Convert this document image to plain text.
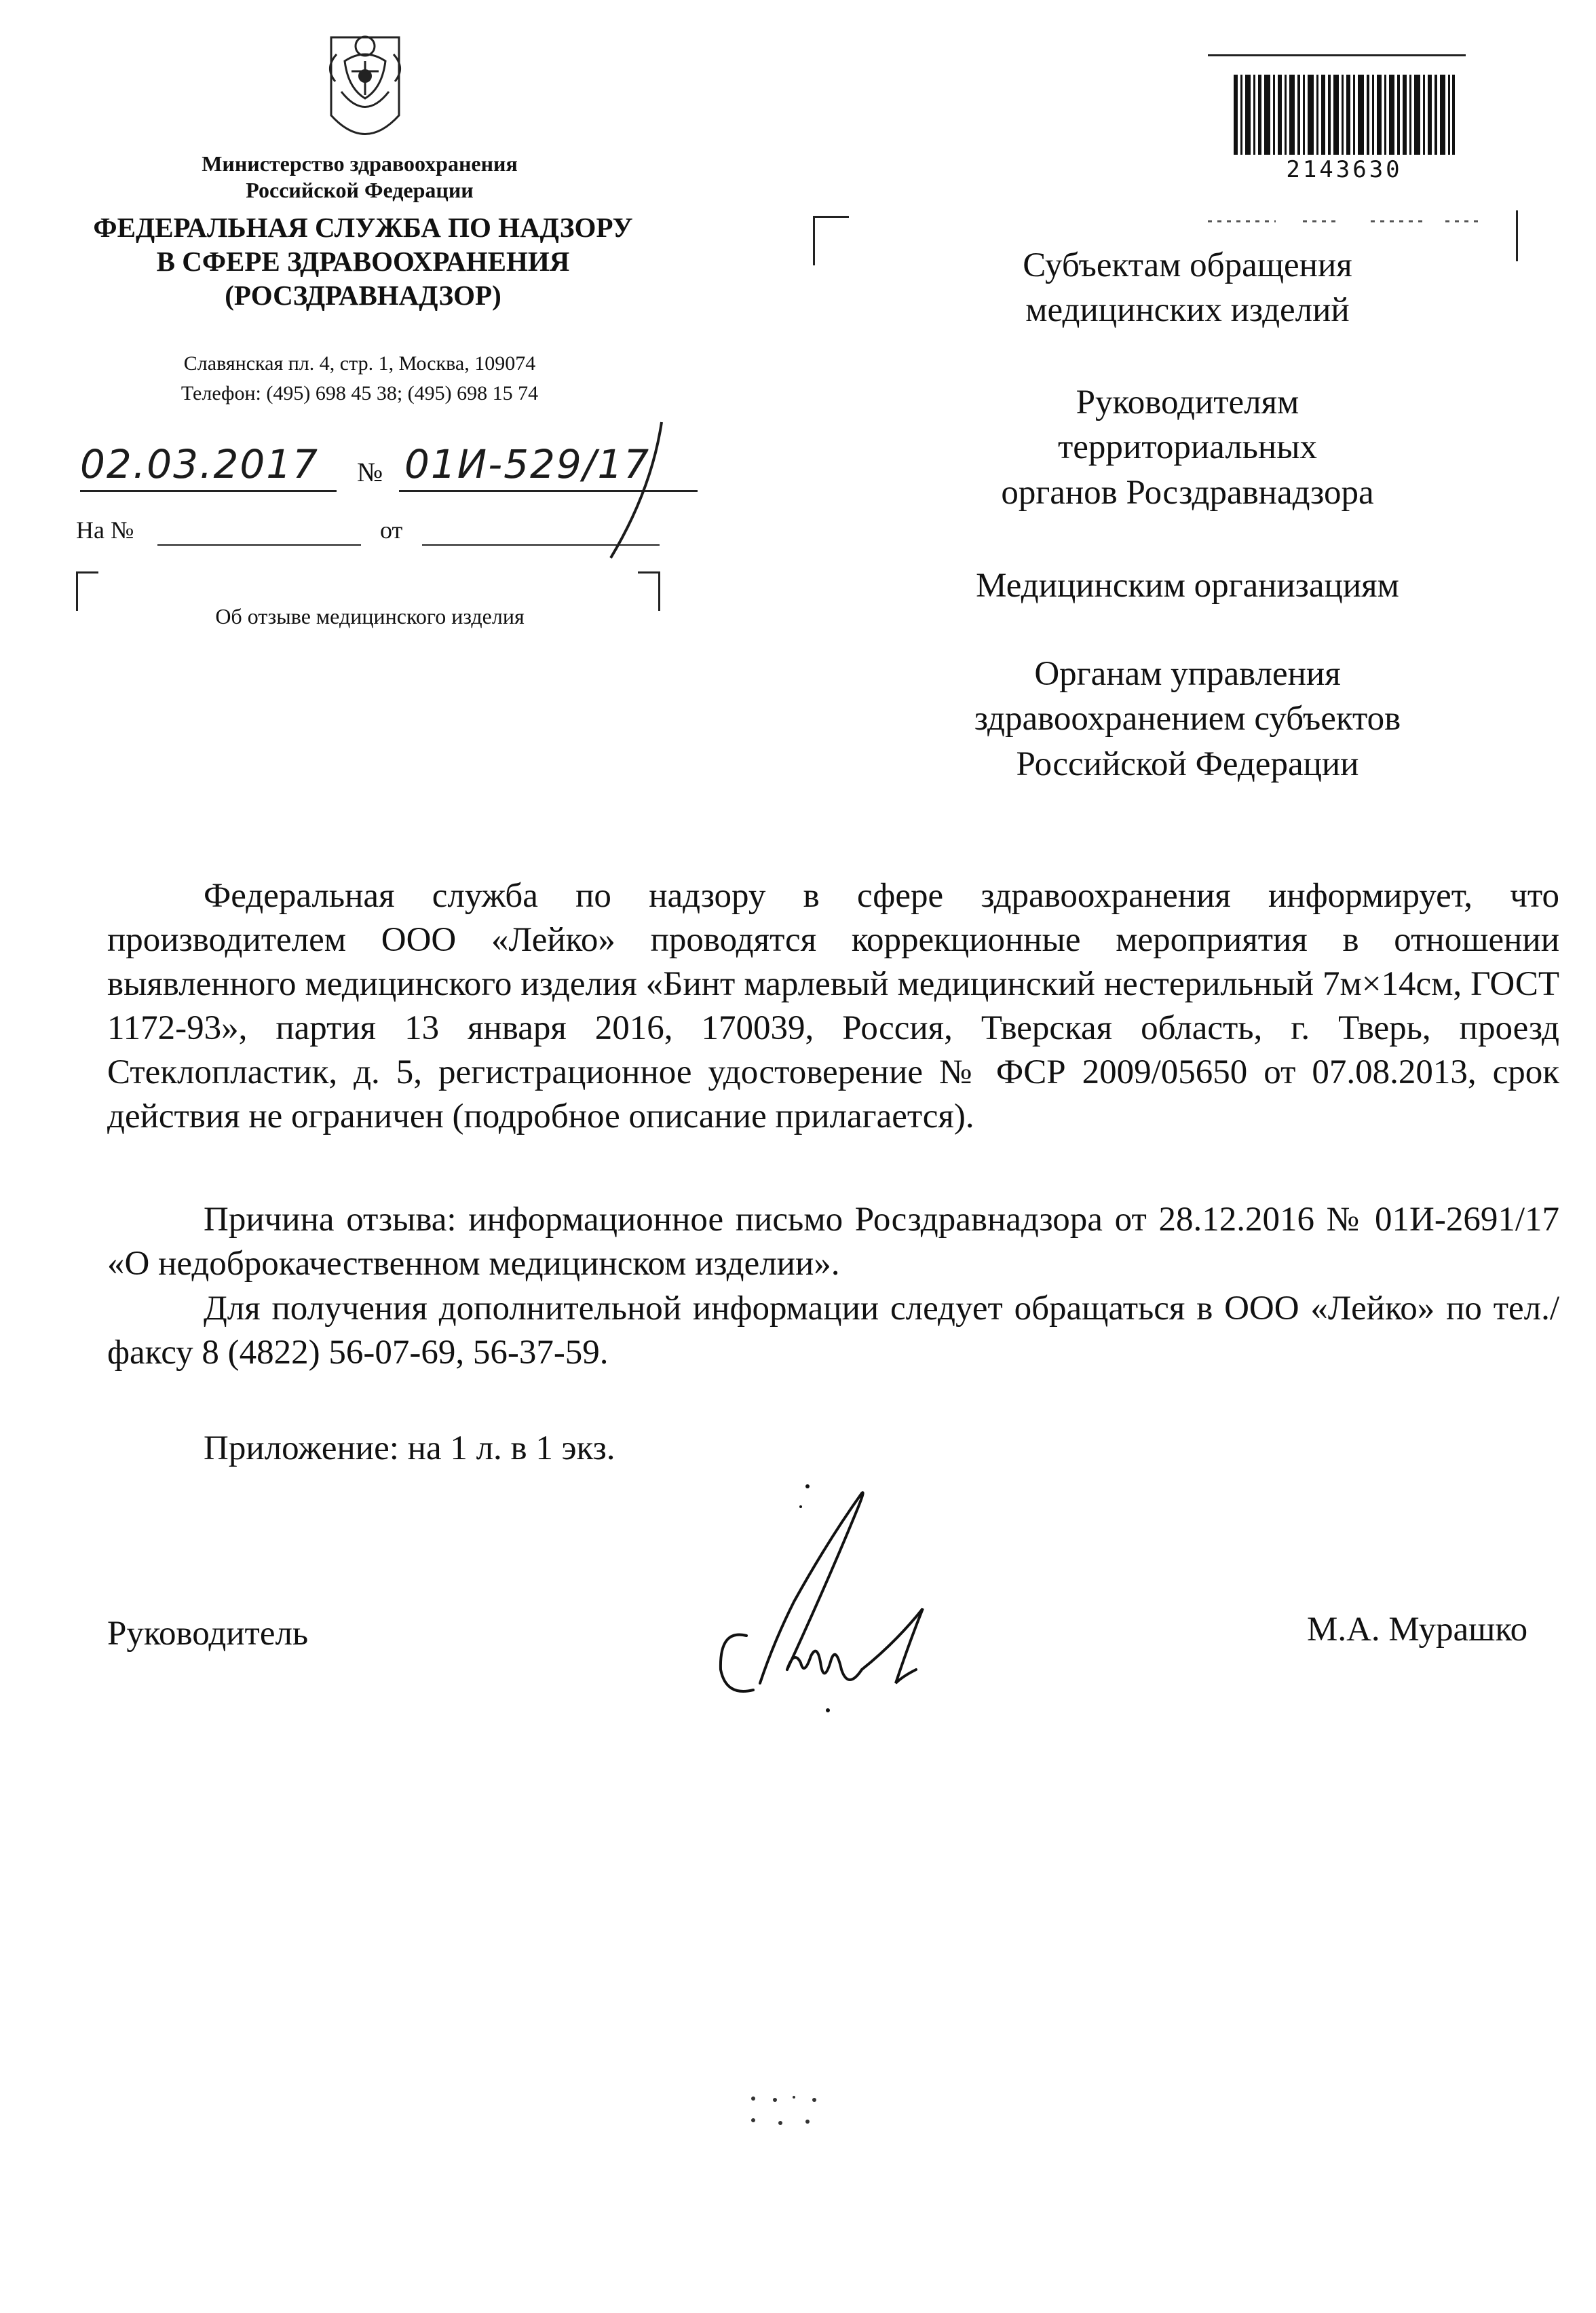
Министерство здравоохранения
Российской Федерации
ФЕДЕРАЛЬНАЯ СЛУЖБА ПО НАДЗОРУ
В СФЕРЕ ЗДРАВООХРАНЕНИЯ
(РОСЗДРАВНАДЗОР)
Славянская пл. 4, стр. 1, Москва, 109074
Телефон: (495) 698 45 38; (495) 698 15 74
02.03.2017 № 01И-529/17
На №	от
Об отзыве медицинского изделия
2143630
Субъектам обращения
медицинских изделий
Руководителям
территориальных
органов Росздравнадзора
Медицинским организациям
Органам управления
здравоохранением субъектов
Российской Федерации

Федеральная служба по надзору в сфере здравоохранения информирует, что производителем ООО «Лейко» проводятся коррекционные мероприятия в отношении выявленного медицинского изделия «Бинт марлевый медицинский нестерильный 7м×14см, ГОСТ 1172-93», партия 13 января 2016, 170039, Россия, Тверская область, г. Тверь, проезд Стеклопластик, д. 5, регистрационное удостоверение № ФСР 2009/05650 от 07.08.2013, срок действия не ограничен (подробное описание прилагается).

Причина отзыва: информационное письмо Росздравнадзора от 28.12.2016 № 01И-2691/17 «О недоброкачественном медицинском изделии».

Для получения дополнительной информации следует обращаться в ООО «Лейко» по тел./факсу 8 (4822) 56-07-69, 56-37-59.

Приложение: на 1 л. в 1 экз.
Руководитель	М.А. Мурашко
